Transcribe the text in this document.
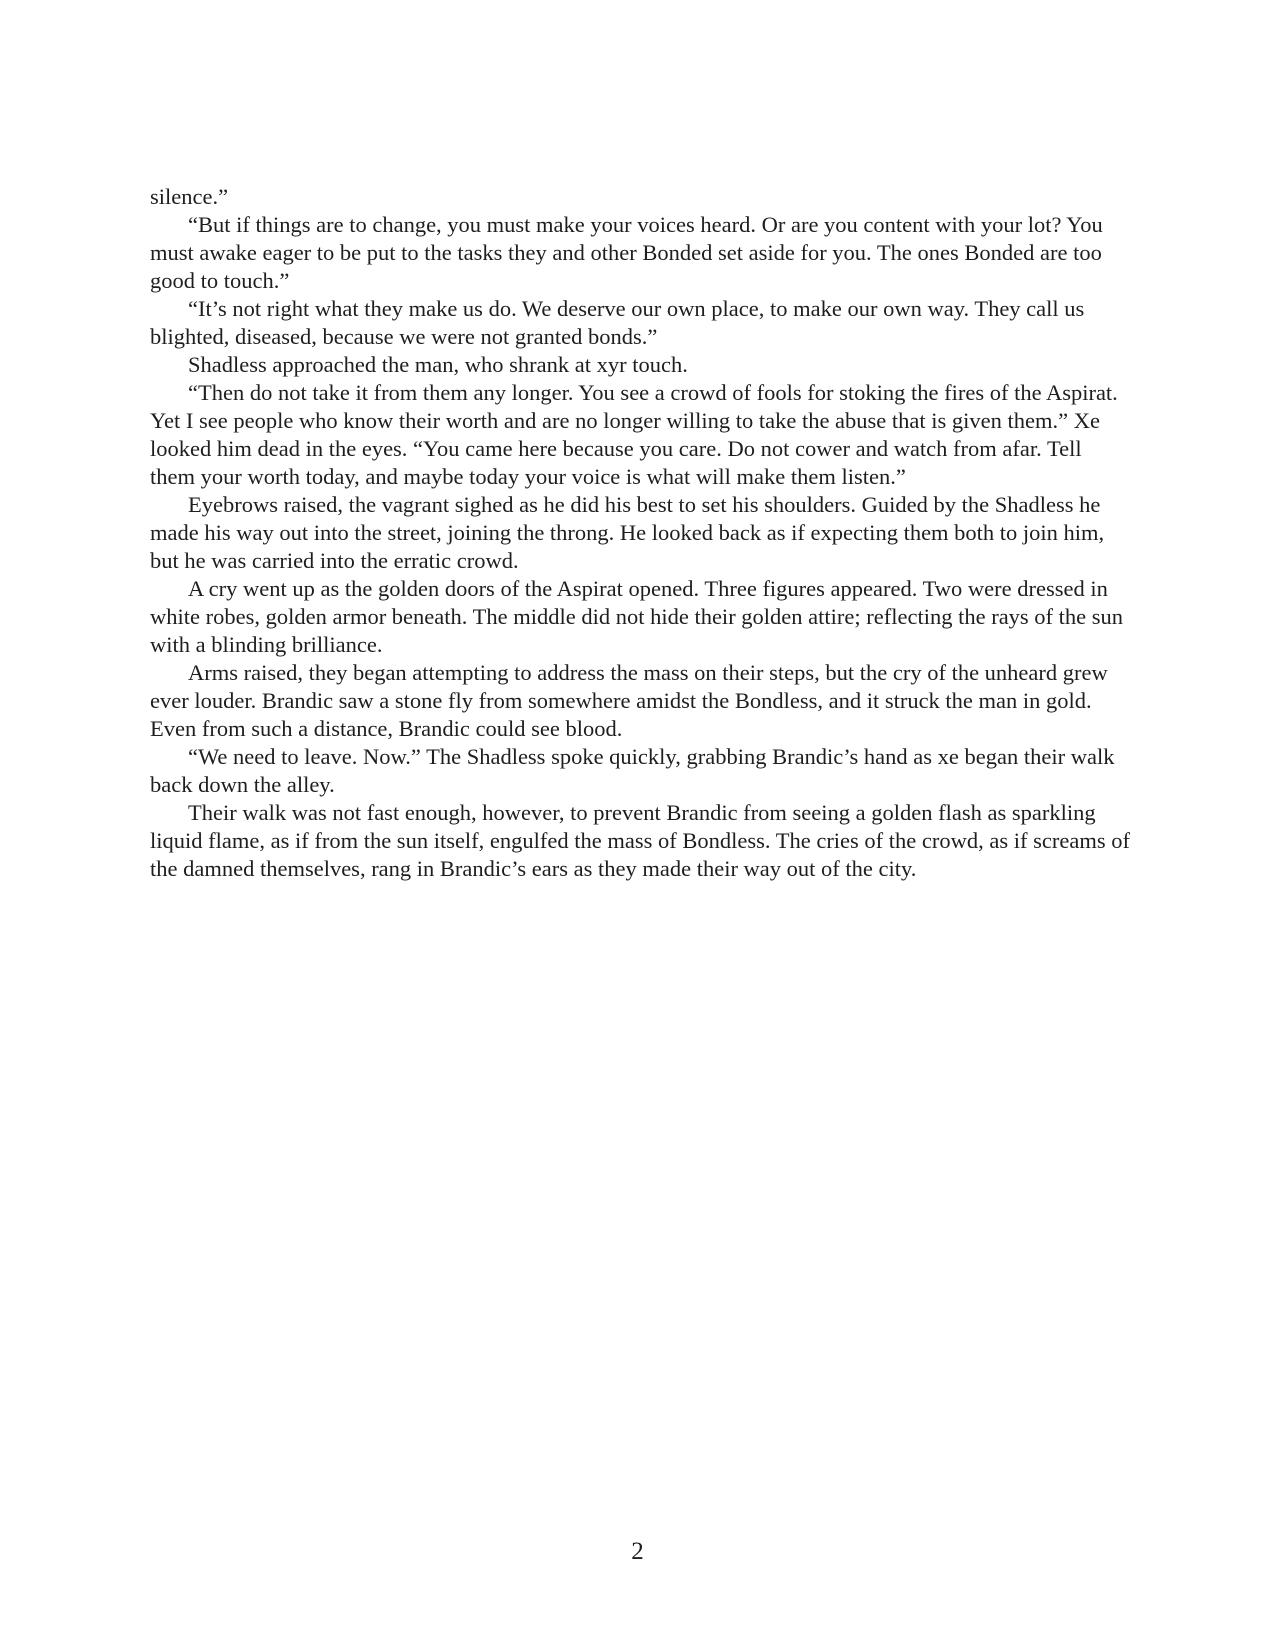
silence.”

“But if things are to change, you must make your voices heard. Or are you content with your lot? You must awake eager to be put to the tasks they and other Bonded set aside for you. The ones Bonded are too good to touch.”

“It’s not right what they make us do. We deserve our own place, to make our own way. They call us blighted, diseased, because we were not granted bonds.”

Shadless approached the man, who shrank at xyr touch.

“Then do not take it from them any longer. You see a crowd of fools for stoking the fires of the Aspirat. Yet I see people who know their worth and are no longer willing to take the abuse that is given them.” Xe looked him dead in the eyes. “You came here because you care. Do not cower and watch from afar. Tell them your worth today, and maybe today your voice is what will make them listen.”

Eyebrows raised, the vagrant sighed as he did his best to set his shoulders. Guided by the Shadless he made his way out into the street, joining the throng. He looked back as if expecting them both to join him, but he was carried into the erratic crowd.

A cry went up as the golden doors of the Aspirat opened. Three figures appeared. Two were dressed in white robes, golden armor beneath. The middle did not hide their golden attire; reflecting the rays of the sun with a blinding brilliance.

Arms raised, they began attempting to address the mass on their steps, but the cry of the unheard grew ever louder. Brandic saw a stone fly from somewhere amidst the Bondless, and it struck the man in gold. Even from such a distance, Brandic could see blood.

“We need to leave. Now.” The Shadless spoke quickly, grabbing Brandic’s hand as xe began their walk back down the alley.

Their walk was not fast enough, however, to prevent Brandic from seeing a golden flash as sparkling liquid flame, as if from the sun itself, engulfed the mass of Bondless. The cries of the crowd, as if screams of the damned themselves, rang in Brandic’s ears as they made their way out of the city.

2
